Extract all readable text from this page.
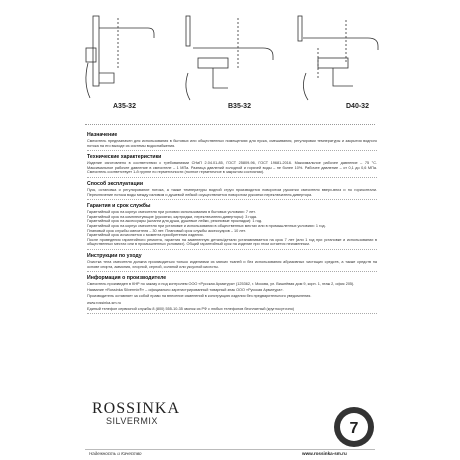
A35-32	B35-32	D40-32
Назначение
Смеситель предназначен для использования в бытовых или общественных помещениях для пуска, смешивания, регулировки температуры и закрытия водного потока на его выходе из системы водоснабжения.
Технические характеристики
Изделие изготовлено в соответствии с требованиями СНиП 2.04.01-85, ГОСТ 25809-96, ГОСТ 19681-2016. Максимальное рабочее давление – 75 °С. Максимальное рабочее давление в смесителе – 1 МПа. Разница давлений холодной и горячей воды – не более 10%. Рабочее давление – от 0,1 до 0,6 МПа. Смеситель соответствует 1-й группе по герметичности (полное герметичное в закрытом состоянии).
Способ эксплуатации
Пуск, остановка и регулирование потока, а также температуры водной струи производится поворотом рукоятки смесителя вверх-вниз и по горизонтали. Переключение потока воды между изливом и душевой лейкой осуществляется поворотом рукоятки переключателя-дивертора.
Гарантия и срок службы
Гарантийный срок на корпус смесителя при условии использования в бытовых условиях: 7 лет.
Гарантийный срок на комплектующие (рукоятки, картриджи, переключатели-диверторы): 3 года.
Гарантийный срок на аксессуары (шланги для душа, душевые лейки, резиновые прокладки): 1 год.
Гарантийный срок на корпус смесителя при установке и использовании в общественных местах или в промышленных условиях: 1 год.
Плановый срок службы смесителя – 30 лет. Плановый срок службы аксессуаров – 10 лет.
Гарантийный срок исчисляется с момента приобретения изделия.
После проведения гарантийного ремонта, гарантия на замененную деталь/детали устанавливается на срок 7 лет (или 1 год при установке и использовании в общественных местах или в промышленных условиях). Общий гарантийный срок на изделие при этом остается неизменным.
Инструкции по уходу
Очистка тела смесителя должна производиться только изделиями из мягких тканей и без использования абразивных чистящих средств, а также средств на основе спирта, аммония, хлорной, серной, соляной или уксусной кислоты.
Информация о производителе
Смеситель произведен в КНР по заказу и под контролем ООО «Русская Арматура» (125362, г. Москва, ул. Вишнёвая дом 9, корп. 1, этаж 2, офис 205).
Название «Rossinka Silvermix®» – официально зарегистрированный товарный знак ООО «Русская Арматура».
Производитель оставляет за собой право на внесение изменений в конструкцию изделия без предварительного уведомления.
www.rossinka-sm.ru
Единый телефон сервисной службы 8 (800) 555-10-35 звонок из РФ с любых телефонов бесплатный (круглосуточно)
ROSSINKA
SILVERMIX
Надежность и Качество
7
www.rossinka-sm.ru
